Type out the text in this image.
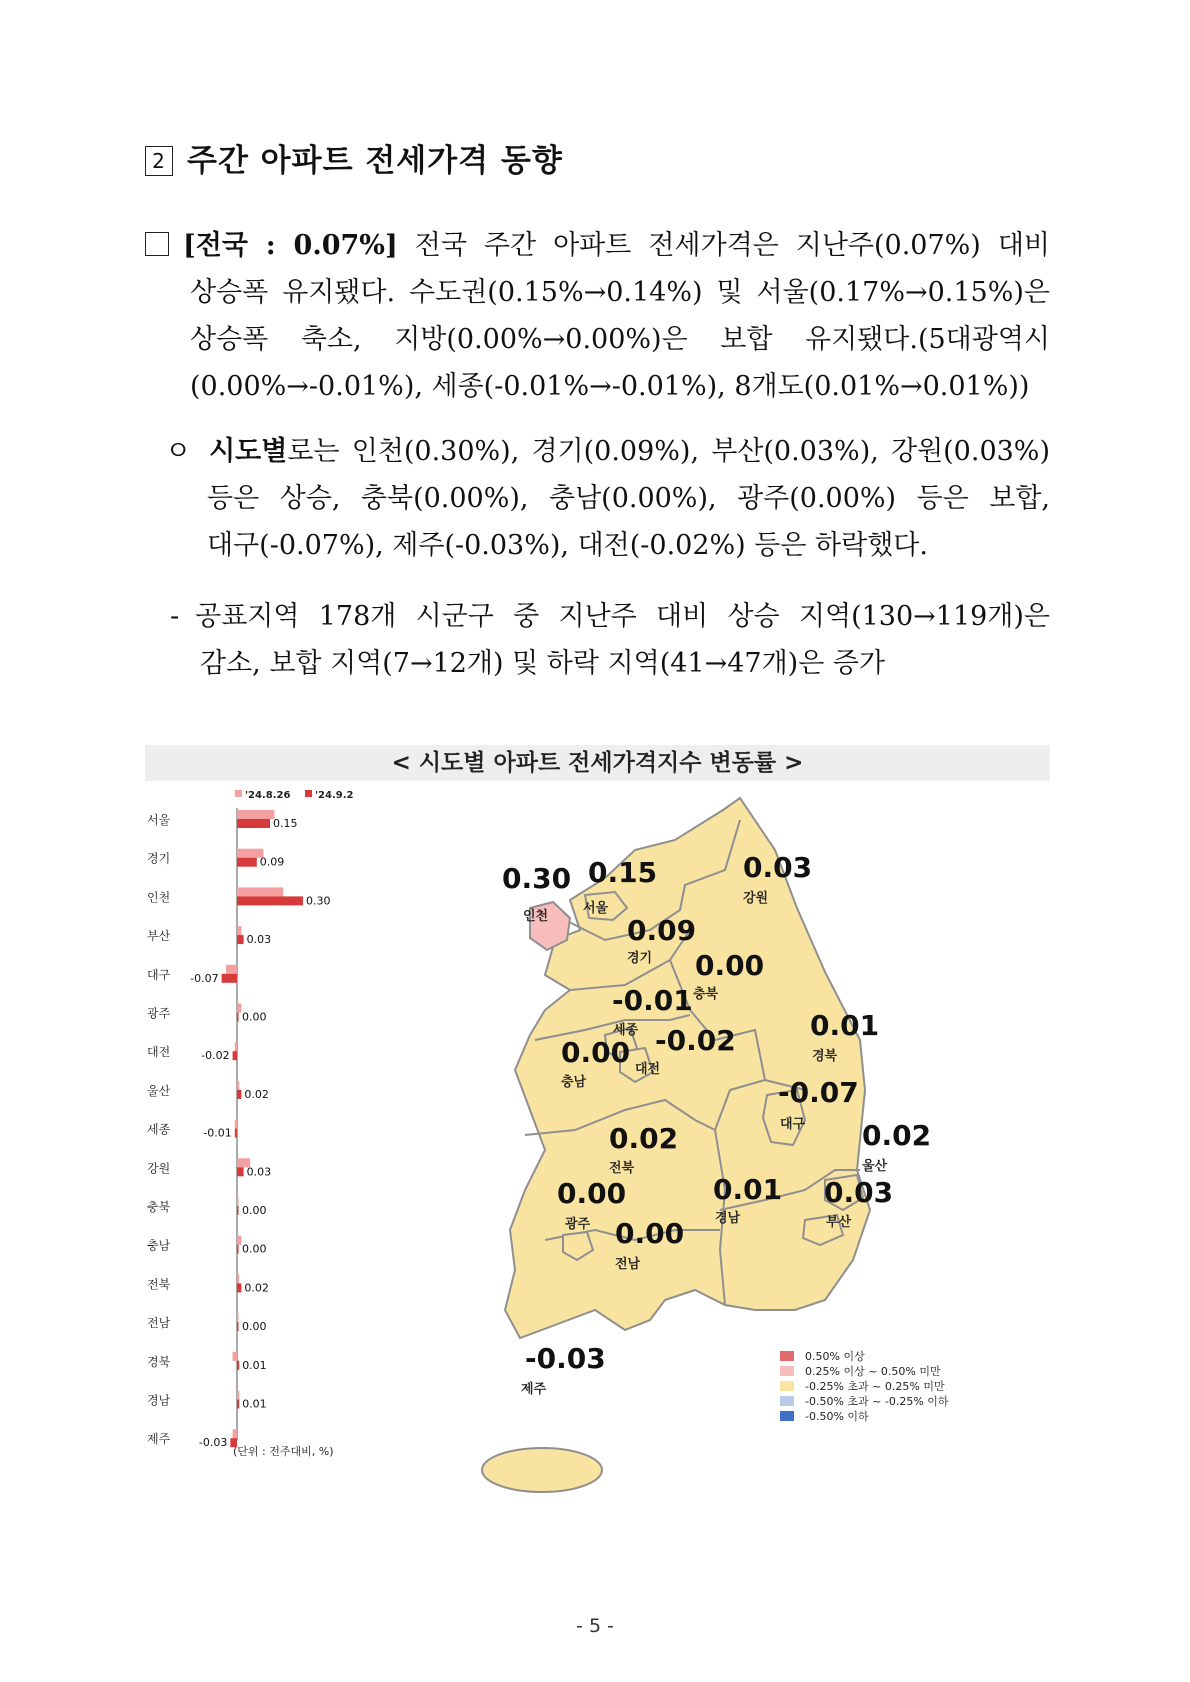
2 주간 아파트 전세가격 동향
[전국 : 0.07%] 전국 주간 아파트 전세가격은 지난주(0.07%) 대비
상승폭 유지됐다. 수도권(0.15%→0.14%) 및 서울(0.17%→0.15%)은
상승폭 축소, 지방(0.00%→0.00%)은 보합 유지됐다.(5대광역시
(0.00%→-0.01%), 세종(-0.01%→-0.01%), 8개도(0.01%→0.01%))
ㅇ 시도별로는 인천(0.30%), 경기(0.09%), 부산(0.03%), 강원(0.03%)
등은 상승, 충북(0.00%), 충남(0.00%), 광주(0.00%) 등은 보합,
대구(-0.07%), 제주(-0.03%), 대전(-0.02%) 등은 하락했다.
- 공표지역 178개 시군구 중 지난주 대비 상승 지역(130→119개)은
감소, 보합 지역(7→12개) 및 하락 지역(41→47개)은 증가
< 시도별 아파트 전세가격지수 변동률 >
'24.8.26 '24.9.2
서울	0.15
경기	0.09
인천	0.30
부산	0.03
대구 -0.07
광주	0.00
대전	-0.02
울산	0.02
세종	-0.01
강원	0.03
충북	0.00
충남	0.00
전북	0.02
전남	0.00
경북	0.01
경남	0.01
제주	-0.03
(단위 : 전주대비, %)
0.30
인천
0.15
서울
0.03
강원
0.09
경기 0.00
충북
-0.01
세종 -0.02
대전
0.00
충남
0.01
경북
-0.07
대구
0.02
전북
0.02
울산
0.00
광주
0.01
경남
0.03
부산
0.00
전남
-0.03
제주
0.50% 이상
0.25% 이상 ~ 0.50% 미만
-0.25% 초과 ~ 0.25% 미만
-0.50% 초과 ~ -0.25% 이하
-0.50% 이하
- 5 -
